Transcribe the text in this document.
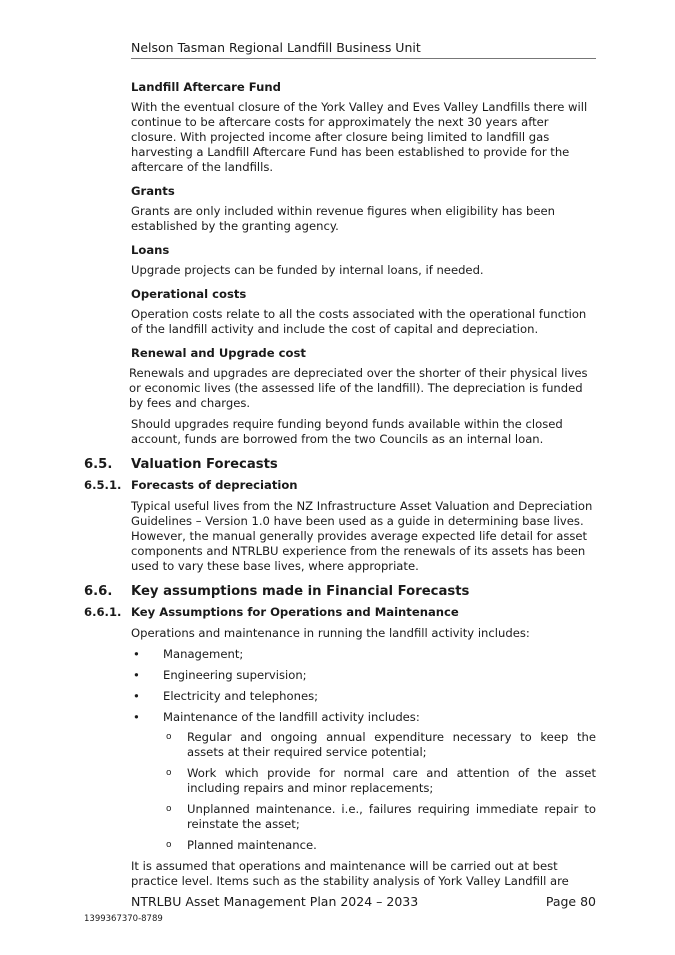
Nelson Tasman Regional Landfill Business Unit
Landfill Aftercare Fund
With the eventual closure of the York Valley and Eves Valley Landfills there will continue to be aftercare costs for approximately the next 30 years after closure. With projected income after closure being limited to landfill gas harvesting a Landfill Aftercare Fund has been established to provide for the aftercare of the landfills.
Grants
Grants are only included within revenue figures when eligibility has been established by the granting agency.
Loans
Upgrade projects can be funded by internal loans, if needed.
Operational costs
Operation costs relate to all the costs associated with the operational function of the landfill activity and include the cost of capital and depreciation.
Renewal and Upgrade cost
Renewals and upgrades are depreciated over the shorter of their physical lives or economic lives (the assessed life of the landfill). The depreciation is funded by fees and charges.
Should upgrades require funding beyond funds available within the closed account, funds are borrowed from the two Councils as an internal loan.
6.5.	Valuation Forecasts
6.5.1. Forecasts of depreciation
Typical useful lives from the NZ Infrastructure Asset Valuation and Depreciation Guidelines – Version 1.0 have been used as a guide in determining base lives. However, the manual generally provides average expected life detail for asset components and NTRLBU experience from the renewals of its assets has been used to vary these base lives, where appropriate.
6.6.	Key assumptions made in Financial Forecasts
6.6.1. Key Assumptions for Operations and Maintenance
Operations and maintenance in running the landfill activity includes:
•	Management;
•	Engineering supervision;
•	Electricity and telephones;
•	Maintenance of the landfill activity includes:
o	Regular and ongoing annual expenditure necessary to keep the assets at their required service potential;
o	Work which provide for normal care and attention of the asset including repairs and minor replacements;
o	Unplanned maintenance. i.e., failures requiring immediate repair to reinstate the asset;
o	Planned maintenance.
It is assumed that operations and maintenance will be carried out at best practice level. Items such as the stability analysis of York Valley Landfill are
NTRLBU Asset Management Plan 2024 – 2033	Page 80
1399367370-8789
